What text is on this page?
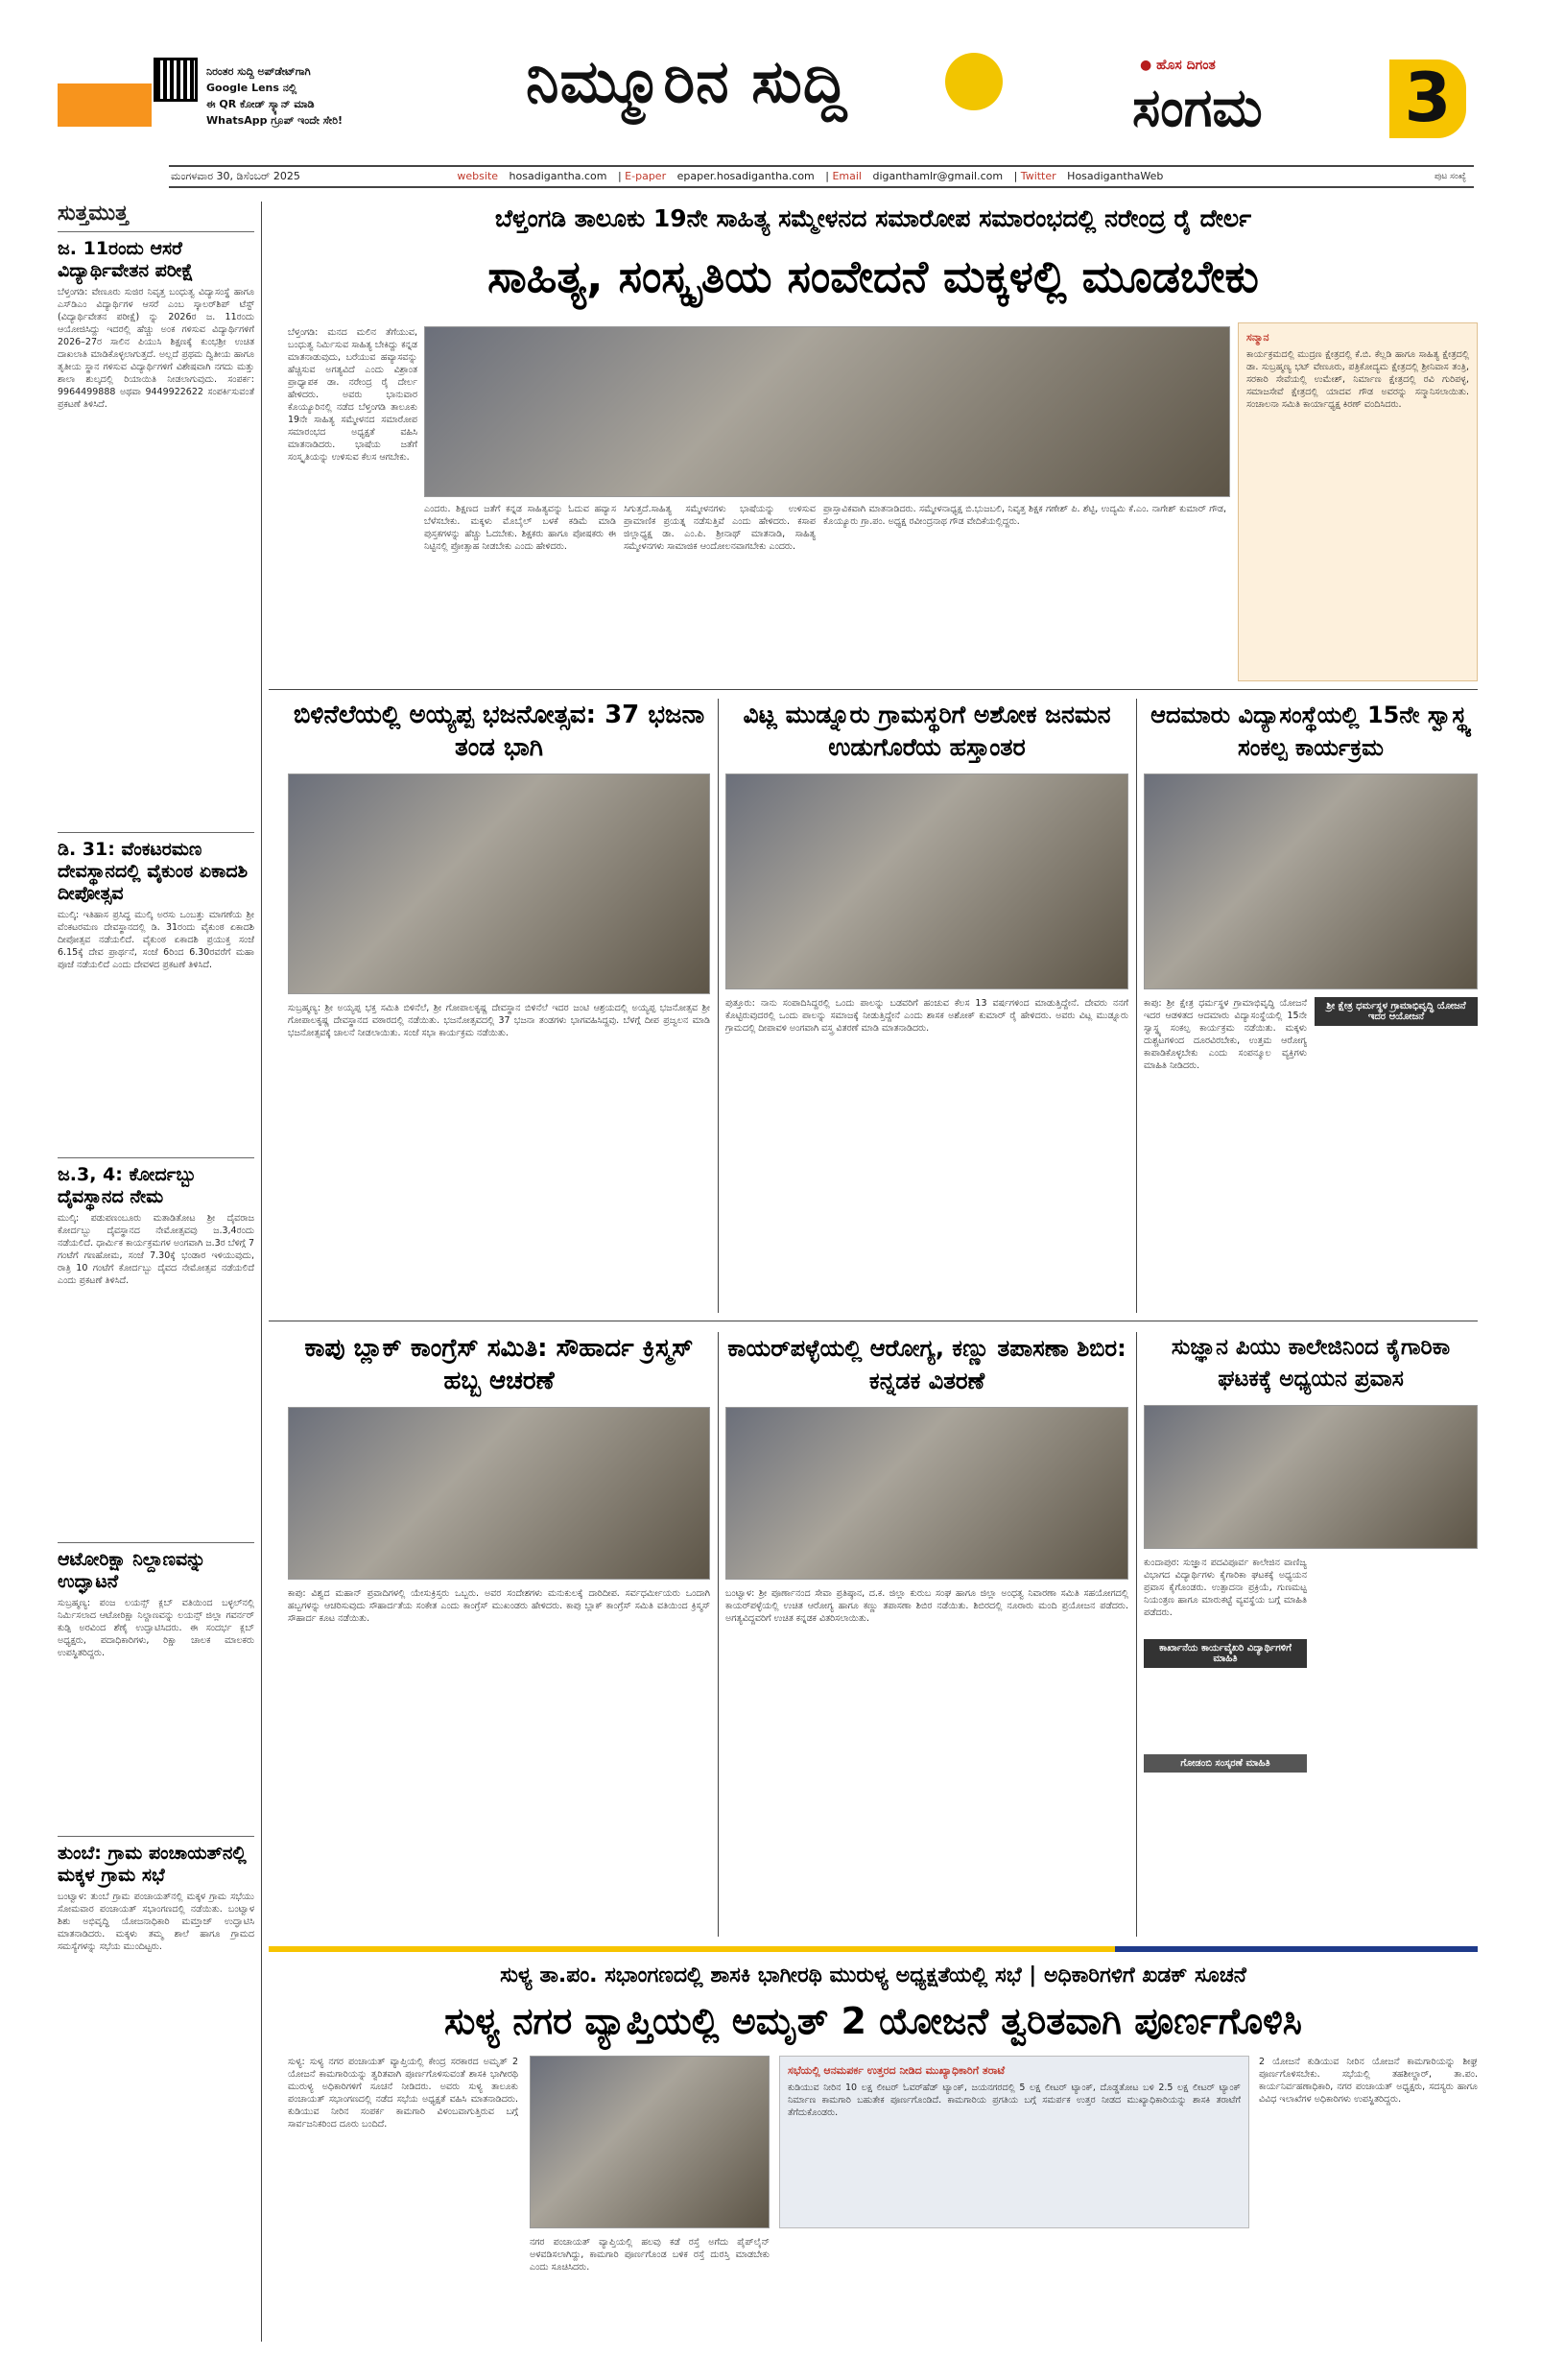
ನಿರಂತರ ಸುದ್ದಿ ಅಪ್‌ಡೇಟ್‌ಗಾಗಿ
Google Lens ನಲ್ಲಿ
ಈ QR ಕೋಡ್ ಸ್ಕ್ಯಾನ್ ಮಾಡಿ
WhatsApp ಗ್ರೂಪ್ ಇಂದೇ ಸೇರಿ!
ನಿಮ್ಮೂರಿನ ಸುದ್ದಿ	● ಹೊಸ ದಿಗಂತ
ಸಂಗಮ 3
ಮಂಗಳವಾರ 30, ಡಿಸೆಂಬರ್ 2025	website hosadigantha.com | E-paper epaper.hosadigantha.com | Email diganthamlr@gmail.com | Twitter HosadiganthaWeb	ಪುಟ ಸಂಖ್ಯೆ
ಸುತ್ತಮುತ್ತ
ಜ. 11ರಂದು ಆಸರೆ ವಿದ್ಯಾರ್ಥಿವೇತನ ಪರೀಕ್ಷೆ
ಬೆಳ್ತಂಗಡಿ: ವೇಣೂರು ಸುಜಿರ ನಿವೃತ್ತ ಬಂಧುತ್ವ ವಿದ್ಯಾಸಂಸ್ಥೆ ಹಾಗೂ ಎಸ್‌ಡಿಎಂ ವಿದ್ಯಾರ್ಥಿಗಳ ಆಸರೆ ಎಂಬ ಸ್ಕಾಲರ್‌ಶಿಪ್ ಟೆಸ್ಟ್ (ವಿದ್ಯಾರ್ಥಿವೇತನ ಪರೀಕ್ಷೆ) ನ್ನು 2026ರ ಜ. 11ರಂದು ಆಯೋಜಿಸಿದ್ದು ಇದರಲ್ಲಿ ಹೆಚ್ಚು ಅಂಕ ಗಳಿಸುವ ವಿದ್ಯಾರ್ಥಿಗಳಿಗೆ 2026–27ರ ಸಾಲಿನ ಪಿಯುಸಿ ಶಿಕ್ಷಣಕ್ಕೆ ಕುಂಭಶ್ರೀ ಉಚಿತ ದಾಖಲಾತಿ ಮಾಡಿಕೊಳ್ಳಲಾಗುತ್ತದೆ. ಅಲ್ಲದೆ ಪ್ರಥಮ ದ್ವಿತೀಯ ಹಾಗೂ ತೃತೀಯ ಸ್ಥಾನ ಗಳಿಸುವ ವಿದ್ಯಾರ್ಥಿಗಳಿಗೆ ವಿಶೇಷವಾಗಿ ನಗದು ಮತ್ತು ಶಾಲಾ ಶುಲ್ಕದಲ್ಲಿ ರಿಯಾಯಿತಿ ನೀಡಲಾಗುವುದು. ಸಂಪರ್ಕ: 9964499888 ಅಥವಾ 9449922622 ಸಂಪರ್ಕಿಸುವಂತೆ ಪ್ರಕಟಣೆ ತಿಳಿಸಿದೆ.
ಡಿ. 31: ವೆಂಕಟರಮಣ ದೇವಸ್ಥಾನದಲ್ಲಿ ವೈಕುಂಠ ಏಕಾದಶಿ ದೀಪೋತ್ಸವ
ಮುಲ್ಕಿ: ಇತಿಹಾಸ ಪ್ರಸಿದ್ಧ ಮುಲ್ಕಿ ಅರಸು ಒಂಬತ್ತು ಮಾಗಣೆಯ ಶ್ರೀ ವೆಂಕಟರಮಣ ದೇವಸ್ಥಾನದಲ್ಲಿ ಡಿ. 31ರಂದು ವೈಕುಂಠ ಏಕಾದಶಿ ದೀಪೋತ್ಸವ ನಡೆಯಲಿದೆ. ವೈಕುಂಠ ಏಕಾದಶಿ ಪ್ರಯುಕ್ತ ಸಂಜೆ 6.15ಕ್ಕೆ ದೇವ ಪ್ರಾರ್ಥನೆ, ಸಂಜೆ 6ರಿಂದ 6.30ರವರೆಗೆ ಮಹಾ ಪೂಜೆ ನಡೆಯಲಿದೆ ಎಂದು ದೇವಳದ ಪ್ರಕಟಣೆ ತಿಳಿಸಿದೆ.
ಜ.3, 4: ಕೋರ್ದಬ್ಬು ದೈವಸ್ಥಾನದ ನೇಮ
ಮುಲ್ಕಿ: ಪಡುಪಣಂಬೂರು ಮತಾಡಿತೋಟ ಶ್ರೀ ದೈವರಾಜ ಕೋರ್ದಬ್ಬು ದೈವಸ್ಥಾನದ ನೇಮೋತ್ಸವವು ಜ.3,4ರಂದು ನಡೆಯಲಿದೆ. ಧಾರ್ಮಿಕ ಕಾರ್ಯಕ್ರಮಗಳ ಅಂಗವಾಗಿ ಜ.3ರ ಬೆಳಿಗ್ಗೆ 7 ಗಂಟೆಗೆ ಗಣಹೋಮ, ಸಂಜೆ 7.30ಕ್ಕೆ ಭಂಡಾರ ಇಳಿಯುವುದು, ರಾತ್ರಿ 10 ಗಂಟೆಗೆ ಕೋರ್ದಬ್ಬು ದೈವದ ನೇಮೋತ್ಸವ ನಡೆಯಲಿದೆ ಎಂದು ಪ್ರಕಟಣೆ ತಿಳಿಸಿದೆ.
ಆಟೋರಿಕ್ಷಾ ನಿಲ್ದಾಣವನ್ನು ಉದ್ಘಾಟನೆ
ಸುಬ್ರಹ್ಮಣ್ಯ: ಪಂಜ ಲಯನ್ಸ್ ಕ್ಲಬ್ ವತಿಯಿಂದ ಬಳ್ಳಲ್‌ನಲ್ಲಿ ನಿರ್ಮಿಸಲಾದ ಆಟೋರಿಕ್ಷಾ ನಿಲ್ದಾಣವನ್ನು ಲಯನ್ಸ್ ಜಿಲ್ಲಾ ಗವರ್ನರ್ ಕುಡ್ಪಿ ಅರವಿಂದ ಶೆಣೈ ಉದ್ಘಾಟಿಸಿದರು. ಈ ಸಂದರ್ಭ ಕ್ಲಬ್ ಅಧ್ಯಕ್ಷರು, ಪದಾಧಿಕಾರಿಗಳು, ರಿಕ್ಷಾ ಚಾಲಕ ಮಾಲಕರು ಉಪಸ್ಥಿತರಿದ್ದರು.
ತುಂಬೆ: ಗ್ರಾಮ ಪಂಚಾಯತ್‌ನಲ್ಲಿ ಮಕ್ಕಳ ಗ್ರಾಮ ಸಭೆ
ಬಂಟ್ವಾಳ: ತುಂಬೆ ಗ್ರಾಮ ಪಂಚಾಯತ್‌ನಲ್ಲಿ ಮಕ್ಕಳ ಗ್ರಾಮ ಸಭೆಯು ಸೋಮವಾರ ಪಂಚಾಯತ್ ಸಭಾಂಗಣದಲ್ಲಿ ನಡೆಯಿತು. ಬಂಟ್ವಾಳ ಶಿಶು ಅಭಿವೃದ್ಧಿ ಯೋಜನಾಧಿಕಾರಿ ಮಮ್ತಾಜ್ ಉದ್ಘಾಟಿಸಿ ಮಾತನಾಡಿದರು. ಮಕ್ಕಳು ತಮ್ಮ ಶಾಲೆ ಹಾಗೂ ಗ್ರಾಮದ ಸಮಸ್ಯೆಗಳನ್ನು ಸಭೆಯ ಮುಂದಿಟ್ಟರು.
ಬೆಳ್ತಂಗಡಿ ತಾಲೂಕು 19ನೇ ಸಾಹಿತ್ಯ ಸಮ್ಮೇಳನದ ಸಮಾರೋಪ ಸಮಾರಂಭದಲ್ಲಿ ನರೇಂದ್ರ ರೈ ದೇರ್ಲ
ಸಾಹಿತ್ಯ, ಸಂಸ್ಕೃತಿಯ ಸಂವೇದನೆ ಮಕ್ಕಳಲ್ಲಿ ಮೂಡಬೇಕು
ಬೆಳ್ತಂಗಡಿ: ಮನದ ಮಲಿನ ತೆಗೆಯುವ, ಬಂಧುತ್ವ ನಿರ್ಮಿಸುವ ಸಾಹಿತ್ಯ ಬೇಕಿದ್ದು ಕನ್ನಡ ಮಾತನಾಡುವುದು, ಬರೆಯುವ ಹವ್ಯಾಸವನ್ನು ಹೆಚ್ಚಿಸುವ ಅಗತ್ಯವಿದೆ ಎಂದು ವಿಶ್ರಾಂತ ಪ್ರಾಧ್ಯಾಪಕ ಡಾ. ನರೇಂದ್ರ ರೈ ದೇರ್ಲ ಹೇಳಿದರು. ಅವರು ಭಾನುವಾರ ಕೊಯ್ಯೂರಿನಲ್ಲಿ ನಡೆದ ಬೆಳ್ತಂಗಡಿ ತಾಲೂಕು 19ನೇ ಸಾಹಿತ್ಯ ಸಮ್ಮೇಳನದ ಸಮಾರೋಪ ಸಮಾರಂಭದ ಅಧ್ಯಕ್ಷತೆ ವಹಿಸಿ ಮಾತನಾಡಿದರು. ಭಾಷೆಯ ಜತೆಗೆ ಸಂಸ್ಕೃತಿಯನ್ನು ಉಳಿಸುವ ಕೆಲಸ ಆಗಬೇಕು.
ಎಂದರು. ಶಿಕ್ಷಣದ ಜತೆಗೆ ಕನ್ನಡ ಸಾಹಿತ್ಯವನ್ನು ಓದುವ ಹವ್ಯಾಸ ಬೆಳೆಸಬೇಕು. ಮಕ್ಕಳು ಮೊಬೈಲ್ ಬಳಕೆ ಕಡಿಮೆ ಮಾಡಿ ಪುಸ್ತಕಗಳನ್ನು ಹೆಚ್ಚು ಓದಬೇಕು. ಶಿಕ್ಷಕರು ಹಾಗೂ ಪೋಷಕರು ಈ ನಿಟ್ಟಿನಲ್ಲಿ ಪ್ರೋತ್ಸಾಹ ನೀಡಬೇಕು ಎಂದು ಹೇಳಿದರು.
ಸಿಗುತ್ತದೆ.ಸಾಹಿತ್ಯ ಸಮ್ಮೇಳನಗಳು ಭಾಷೆಯನ್ನು ಉಳಿಸುವ ಪ್ರಾಮಾಣಿಕ ಪ್ರಯತ್ನ ನಡೆಸುತ್ತಿವೆ ಎಂದು ಹೇಳಿದರು. ಕಸಾಪ ಜಿಲ್ಲಾಧ್ಯಕ್ಷ ಡಾ. ಎಂ.ಪಿ. ಶ್ರೀನಾಥ್ ಮಾತನಾಡಿ, ಸಾಹಿತ್ಯ ಸಮ್ಮೇಳನಗಳು ಸಾಮಾಜಿಕ ಆಂದೋಲನವಾಗಬೇಕು ಎಂದರು.
ಪ್ರಾಸ್ತಾವಿಕವಾಗಿ ಮಾತನಾಡಿದರು. ಸಮ್ಮೇಳನಾಧ್ಯಕ್ಷ ಬಿ.ಭುಜಬಲಿ, ನಿವೃತ್ತ ಶಿಕ್ಷಕ ಗಣೇಶ್ ಪಿ. ಶೆಟ್ಟಿ, ಉದ್ಯಮಿ ಕೆ.ಎಂ. ನಾಗೇಶ್ ಕುಮಾರ್ ಗೌಡ, ಕೊಯ್ಯೂರು ಗ್ರಾ.ಪಂ. ಅಧ್ಯಕ್ಷ ರವೀಂದ್ರನಾಥ ಗೌಡ ವೇದಿಕೆಯಲ್ಲಿದ್ದರು.
ಸನ್ಮಾನ
ಕಾರ್ಯಕ್ರಮದಲ್ಲಿ ಮುದ್ರಣ ಕ್ಷೇತ್ರದಲ್ಲಿ ಕೆ.ಬಿ. ಕೆಲ್ಲಡಿ ಹಾಗೂ ಸಾಹಿತ್ಯ ಕ್ಷೇತ್ರದಲ್ಲಿ ಡಾ. ಸುಬ್ರಹ್ಮಣ್ಯ ಭಟ್ ವೇಣೂರು, ಪತ್ರಿಕೋದ್ಯಮ ಕ್ಷೇತ್ರದಲ್ಲಿ ಶ್ರೀನಿವಾಸ ತಂತ್ರಿ, ಸರಕಾರಿ ಸೇವೆಯಲ್ಲಿ ಉಮೇಶ್, ನಿರ್ಮಾಣ ಕ್ಷೇತ್ರದಲ್ಲಿ ರವಿ ಗುರಿಪಳ್ಳ, ಸಮಾಜಸೇವೆ ಕ್ಷೇತ್ರದಲ್ಲಿ ಯಾದವ ಗೌಡ ಅವರನ್ನು ಸನ್ಮಾನಿಸಲಾಯಿತು. ಸಂಚಾಲನಾ ಸಮಿತಿ ಕಾರ್ಯಾಧ್ಯಕ್ಷ ಕಿರಣ್ ವಂದಿಸಿದರು.
ಬಿಳಿನೆಲೆಯಲ್ಲಿ ಅಯ್ಯಪ್ಪ ಭಜನೋತ್ಸವ: 37 ಭಜನಾ ತಂಡ ಭಾಗಿ
ಸುಬ್ರಹ್ಮಣ್ಯ: ಶ್ರೀ ಅಯ್ಯಪ್ಪ ಭಕ್ತ ಸಮಿತಿ ಬಿಳಿನೆಲೆ, ಶ್ರೀ ಗೋಪಾಲಕೃಷ್ಣ ದೇವಸ್ಥಾನ ಬಿಳಿನೆಲೆ ಇದರ ಜಂಟಿ ಆಶ್ರಯದಲ್ಲಿ ಅಯ್ಯಪ್ಪ ಭಜನೋತ್ಸವ ಶ್ರೀ ಗೋಪಾಲಕೃಷ್ಣ ದೇವಸ್ಥಾನದ ವಠಾರದಲ್ಲಿ ನಡೆಯಿತು. ಭಜನೋತ್ಸವದಲ್ಲಿ 37 ಭಜನಾ ತಂಡಗಳು ಭಾಗವಹಿಸಿದ್ದವು. ಬೆಳಗ್ಗೆ ದೀಪ ಪ್ರಜ್ವಲನ ಮಾಡಿ ಭಜನೋತ್ಸವಕ್ಕೆ ಚಾಲನೆ ನೀಡಲಾಯಿತು. ಸಂಜೆ ಸಭಾ ಕಾರ್ಯಕ್ರಮ ನಡೆಯಿತು.
ವಿಟ್ಲ ಮುಡ್ನೂರು ಗ್ರಾಮಸ್ಥರಿಗೆ ಅಶೋಕ ಜನಮನ ಉಡುಗೊರೆಯ ಹಸ್ತಾಂತರ
ಪುತ್ತೂರು: ನಾನು ಸಂಪಾದಿಸಿದ್ದರಲ್ಲಿ ಒಂದು ಪಾಲನ್ನು ಬಡವರಿಗೆ ಹಂಚುವ ಕೆಲಸ 13 ವರ್ಷಗಳಿಂದ ಮಾಡುತ್ತಿದ್ದೇನೆ. ದೇವರು ನನಗೆ ಕೊಟ್ಟಿರುವುದರಲ್ಲಿ ಒಂದು ಪಾಲನ್ನು ಸಮಾಜಕ್ಕೆ ನೀಡುತ್ತಿದ್ದೇನೆ ಎಂದು ಶಾಸಕ ಅಶೋಕ್ ಕುಮಾರ್ ರೈ ಹೇಳಿದರು. ಅವರು ವಿಟ್ಲ ಮುಡ್ನೂರು ಗ್ರಾಮದಲ್ಲಿ ದೀಪಾವಳಿ ಅಂಗವಾಗಿ ವಸ್ತ್ರ ವಿತರಣೆ ಮಾಡಿ ಮಾತನಾಡಿದರು.
ಆದಮಾರು ವಿದ್ಯಾಸಂಸ್ಥೆಯಲ್ಲಿ 15ನೇ ಸ್ವಾಸ್ಥ್ಯ ಸಂಕಲ್ಪ ಕಾರ್ಯಕ್ರಮ
ಕಾಪು: ಶ್ರೀ ಕ್ಷೇತ್ರ ಧರ್ಮಸ್ಥಳ ಗ್ರಾಮಾಭಿವೃದ್ಧಿ ಯೋಜನೆ ಇದರ ಆಡಳಿತದ ಆದಮಾರು ವಿದ್ಯಾಸಂಸ್ಥೆಯಲ್ಲಿ 15ನೇ ಸ್ವಾಸ್ಥ್ಯ ಸಂಕಲ್ಪ ಕಾರ್ಯಕ್ರಮ ನಡೆಯಿತು. ಮಕ್ಕಳು ದುಶ್ಚಟಗಳಿಂದ ದೂರವಿರಬೇಕು, ಉತ್ತಮ ಆರೋಗ್ಯ ಕಾಪಾಡಿಕೊಳ್ಳಬೇಕು ಎಂದು ಸಂಪನ್ಮೂಲ ವ್ಯಕ್ತಿಗಳು ಮಾಹಿತಿ ನೀಡಿದರು.
ಶ್ರೀ ಕ್ಷೇತ್ರ ಧರ್ಮಸ್ಥಳ ಗ್ರಾಮಾಭಿವೃದ್ಧಿ ಯೋಜನೆ ಇದರ ಆಯೋಜನೆ
ಕಾಪು ಬ್ಲಾಕ್ ಕಾಂಗ್ರೆಸ್ ಸಮಿತಿ: ಸೌಹಾರ್ದ ಕ್ರಿಸ್ಮಸ್ ಹಬ್ಬ ಆಚರಣೆ
ಕಾಪು: ವಿಶ್ವದ ಮಹಾನ್ ಪ್ರವಾದಿಗಳಲ್ಲಿ ಯೇಸುಕ್ರಿಸ್ತರು ಒಬ್ಬರು. ಅವರ ಸಂದೇಶಗಳು ಮನುಕುಲಕ್ಕೆ ದಾರಿದೀಪ. ಸರ್ವಧರ್ಮೀಯರು ಒಂದಾಗಿ ಹಬ್ಬಗಳನ್ನು ಆಚರಿಸುವುದು ಸೌಹಾರ್ದತೆಯ ಸಂಕೇತ ಎಂದು ಕಾಂಗ್ರೆಸ್ ಮುಖಂಡರು ಹೇಳಿದರು. ಕಾಪು ಬ್ಲಾಕ್ ಕಾಂಗ್ರೆಸ್ ಸಮಿತಿ ವತಿಯಿಂದ ಕ್ರಿಸ್ಮಸ್ ಸೌಹಾರ್ದ ಕೂಟ ನಡೆಯಿತು.
ಕಾಯರ್‌ಪಳ್ಳೆಯಲ್ಲಿ ಆರೋಗ್ಯ, ಕಣ್ಣು ತಪಾಸಣಾ ಶಿಬಿರ: ಕನ್ನಡಕ ವಿತರಣೆ
ಬಂಟ್ವಾಳ: ಶ್ರೀ ಪೂರ್ಣಾನಂದ ಸೇವಾ ಪ್ರತಿಷ್ಠಾನ, ದ.ಕ. ಜಿಲ್ಲಾ ಕುರುಬ ಸಂಘ ಹಾಗೂ ಜಿಲ್ಲಾ ಅಂಧತ್ವ ನಿವಾರಣಾ ಸಮಿತಿ ಸಹಯೋಗದಲ್ಲಿ ಕಾಯರ್‌ಪಳ್ಳೆಯಲ್ಲಿ ಉಚಿತ ಆರೋಗ್ಯ ಹಾಗೂ ಕಣ್ಣು ತಪಾಸಣಾ ಶಿಬಿರ ನಡೆಯಿತು. ಶಿಬಿರದಲ್ಲಿ ನೂರಾರು ಮಂದಿ ಪ್ರಯೋಜನ ಪಡೆದರು. ಅಗತ್ಯವಿದ್ದವರಿಗೆ ಉಚಿತ ಕನ್ನಡಕ ವಿತರಿಸಲಾಯಿತು.
ಸುಜ್ಞಾನ ಪಿಯು ಕಾಲೇಜಿನಿಂದ ಕೈಗಾರಿಕಾ ಘಟಕಕ್ಕೆ ಅಧ್ಯಯನ ಪ್ರವಾಸ
ಕುಂದಾಪುರ: ಸುಜ್ಞಾನ ಪದವಿಪೂರ್ವ ಕಾಲೇಜಿನ ವಾಣಿಜ್ಯ ವಿಭಾಗದ ವಿದ್ಯಾರ್ಥಿಗಳು ಕೈಗಾರಿಕಾ ಘಟಕಕ್ಕೆ ಅಧ್ಯಯನ ಪ್ರವಾಸ ಕೈಗೊಂಡರು. ಉತ್ಪಾದನಾ ಪ್ರಕ್ರಿಯೆ, ಗುಣಮಟ್ಟ ನಿಯಂತ್ರಣ ಹಾಗೂ ಮಾರುಕಟ್ಟೆ ವ್ಯವಸ್ಥೆಯ ಬಗ್ಗೆ ಮಾಹಿತಿ ಪಡೆದರು.
ಕಾರ್ಖಾನೆಯ ಕಾರ್ಯವೈಖರಿ ವಿದ್ಯಾರ್ಥಿಗಳಿಗೆ ಮಾಹಿತಿ
ಗೋಡಂಬಿ ಸಂಸ್ಕರಣೆ ಮಾಹಿತಿ
ಸುಳ್ಯ ತಾ.ಪಂ. ಸಭಾಂಗಣದಲ್ಲಿ ಶಾಸಕಿ ಭಾಗೀರಥಿ ಮುರುಳ್ಯ ಅಧ್ಯಕ್ಷತೆಯಲ್ಲಿ ಸಭೆ | ಅಧಿಕಾರಿಗಳಿಗೆ ಖಡಕ್ ಸೂಚನೆ
ಸುಳ್ಯ ನಗರ ವ್ಯಾಪ್ತಿಯಲ್ಲಿ ಅಮೃತ್ 2 ಯೋಜನೆ ತ್ವರಿತವಾಗಿ ಪೂರ್ಣಗೊಳಿಸಿ
ಸುಳ್ಯ: ಸುಳ್ಯ ನಗರ ಪಂಚಾಯತ್ ವ್ಯಾಪ್ತಿಯಲ್ಲಿ ಕೇಂದ್ರ ಸರಕಾರದ ಅಮೃತ್ 2 ಯೋಜನೆ ಕಾಮಗಾರಿಯನ್ನು ತ್ವರಿತವಾಗಿ ಪೂರ್ಣಗೊಳಿಸುವಂತೆ ಶಾಸಕಿ ಭಾಗೀರಥಿ ಮುರುಳ್ಯ ಅಧಿಕಾರಿಗಳಿಗೆ ಸೂಚನೆ ನೀಡಿದರು. ಅವರು ಸುಳ್ಯ ತಾಲೂಕು ಪಂಚಾಯತ್ ಸಭಾಂಗಣದಲ್ಲಿ ನಡೆದ ಸಭೆಯ ಅಧ್ಯಕ್ಷತೆ ವಹಿಸಿ ಮಾತನಾಡಿದರು. ಕುಡಿಯುವ ನೀರಿನ ಸಂಪರ್ಕ ಕಾಮಗಾರಿ ವಿಳಂಬವಾಗುತ್ತಿರುವ ಬಗ್ಗೆ ಸಾರ್ವಜನಿಕರಿಂದ ದೂರು ಬಂದಿದೆ.
ನಗರ ಪಂಚಾಯತ್ ವ್ಯಾಪ್ತಿಯಲ್ಲಿ ಹಲವು ಕಡೆ ರಸ್ತೆ ಅಗೆದು ಪೈಪ್‌ಲೈನ್ ಅಳವಡಿಸಲಾಗಿದ್ದು, ಕಾಮಗಾರಿ ಪೂರ್ಣಗೊಂಡ ಬಳಿಕ ರಸ್ತೆ ದುರಸ್ತಿ ಮಾಡಬೇಕು ಎಂದು ಸೂಚಿಸಿದರು.
ಸಭೆಯಲ್ಲಿ ಆನಮಪರ್ಕ ಉತ್ತರದ ನೀಡಿದ ಮುಖ್ಯಾಧಿಕಾರಿಗೆ ತರಾಟೆ
ಕುಡಿಯುವ ನೀರಿನ 10 ಲಕ್ಷ ಲೀಟರ್ ಓವರ್‌ಹೆಡ್ ಟ್ಯಾಂಕ್, ಜಯನಗರದಲ್ಲಿ 5 ಲಕ್ಷ ಲೀಟರ್ ಟ್ಯಾಂಕ್, ದೊಡ್ಡತೋಟ ಬಳಿ 2.5 ಲಕ್ಷ ಲೀಟರ್ ಟ್ಯಾಂಕ್ ನಿರ್ಮಾಣ ಕಾಮಗಾರಿ ಬಹುತೇಕ ಪೂರ್ಣಗೊಂಡಿದೆ. ಕಾಮಗಾರಿಯ ಪ್ರಗತಿಯ ಬಗ್ಗೆ ಸಮರ್ಪಕ ಉತ್ತರ ನೀಡದ ಮುಖ್ಯಾಧಿಕಾರಿಯನ್ನು ಶಾಸಕಿ ತರಾಟೆಗೆ ತೆಗೆದುಕೊಂಡರು.
2 ಯೋಜನೆ ಕುಡಿಯುವ ನೀರಿನ ಯೋಜನೆ ಕಾಮಗಾರಿಯನ್ನು ಶೀಘ್ರ ಪೂರ್ಣಗೊಳಿಸಬೇಕು. ಸಭೆಯಲ್ಲಿ ತಹಶೀಲ್ದಾರ್, ತಾ.ಪಂ. ಕಾರ್ಯನಿರ್ವಹಣಾಧಿಕಾರಿ, ನಗರ ಪಂಚಾಯತ್ ಅಧ್ಯಕ್ಷರು, ಸದಸ್ಯರು ಹಾಗೂ ವಿವಿಧ ಇಲಾಖೆಗಳ ಅಧಿಕಾರಿಗಳು ಉಪಸ್ಥಿತರಿದ್ದರು.
